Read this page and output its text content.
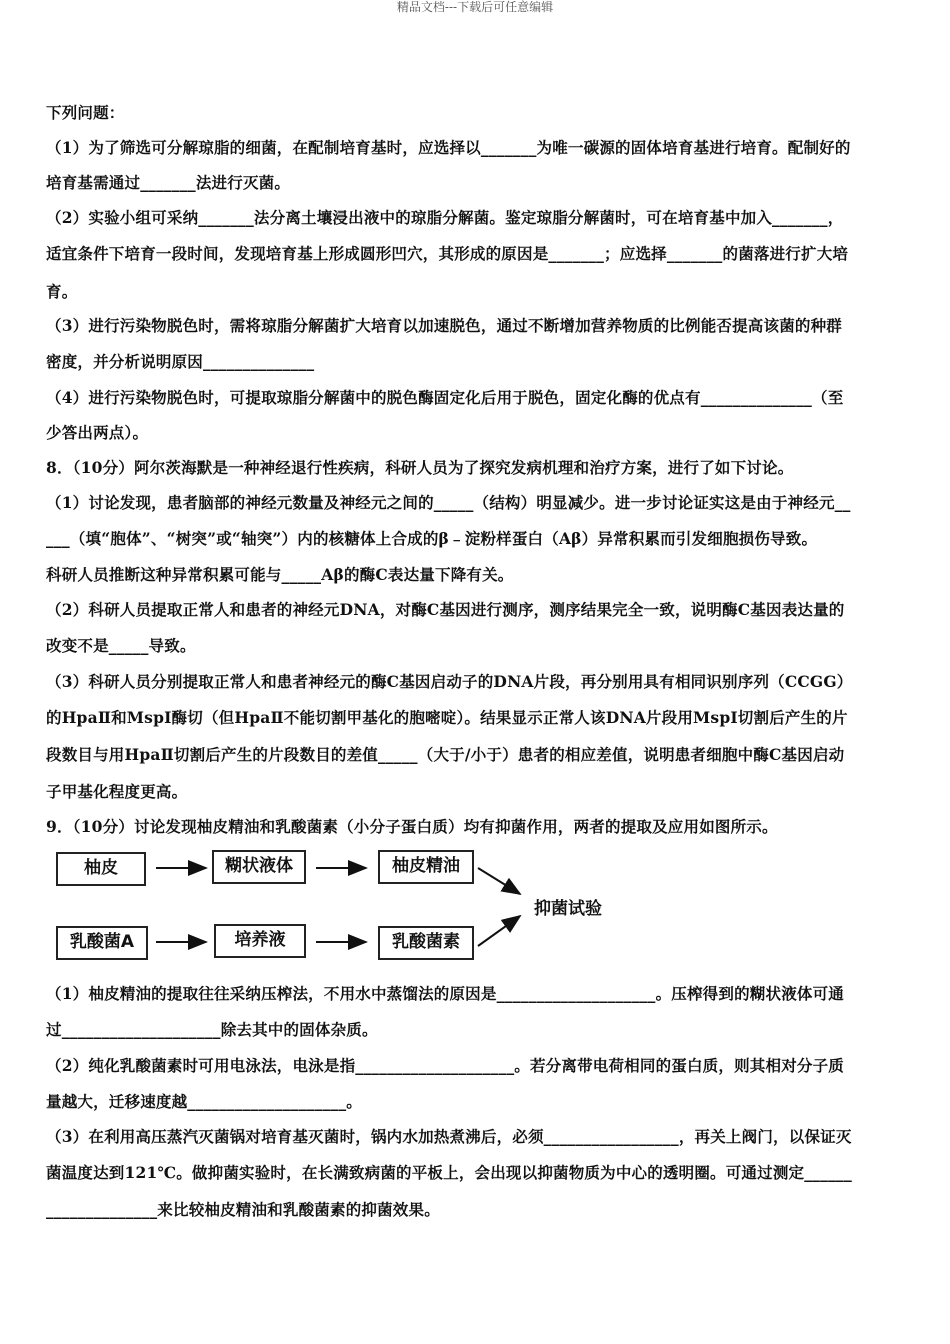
精品文档---下载后可任意编辑
下列问题：
（1）为了筛选可分解琼脂的细菌，在配制培育基时，应选择以_______为唯一碳源的固体培育基进行培育。配制好的
培育基需通过_______法进行灭菌。
（2）实验小组可采纳_______法分离土壤浸出液中的琼脂分解菌。鉴定琼脂分解菌时，可在培育基中加入_______，
适宜条件下培育一段时间，发现培育基上形成圆形凹穴，其形成的原因是_______；应选择_______的菌落进行扩大培
育。
（3）进行污染物脱色时，需将琼脂分解菌扩大培育以加速脱色，通过不断增加营养物质的比例能否提高该菌的种群
密度，并分析说明原因______________
（4）进行污染物脱色时，可提取琼脂分解菌中的脱色酶固定化后用于脱色，固定化酶的优点有______________（至
少答出两点）。
8．（10分）阿尔茨海默是一种神经退行性疾病，科研人员为了探究发病机理和治疗方案，进行了如下讨论。
（1）讨论发现，患者脑部的神经元数量及神经元之间的_____（结构）明显减少。进一步讨论证实这是由于神经元__
___（填“胞体”、“树突”或“轴突”）内的核糖体上合成的β﹣淀粉样蛋白（Aβ）异常积累而引发细胞损伤导致。
科研人员推断这种异常积累可能与_____Aβ的酶C表达量下降有关。
（2）科研人员提取正常人和患者的神经元DNA，对酶C基因进行测序，测序结果完全一致，说明酶C基因表达量的
改变不是_____导致。
（3）科研人员分别提取正常人和患者神经元的酶C基因启动子的DNA片段，再分别用具有相同识别序列（CCGG）
的HpaⅡ和MspI酶切（但HpaⅡ不能切割甲基化的胞嘧啶）。结果显示正常人该DNA片段用MspI切割后产生的片
段数目与用HpaⅡ切割后产生的片段数目的差值_____（大于/小于）患者的相应差值，说明患者细胞中酶C基因启动
子甲基化程度更高。
9．（10分）讨论发现柚皮精油和乳酸菌素（小分子蛋白质）均有抑菌作用，两者的提取及应用如图所示。
柚皮	糊状液体	柚皮精油
乳酸菌A	培养液	乳酸菌素
抑菌试验
（1）柚皮精油的提取往往采纳压榨法，不用水中蒸馏法的原因是____________________。压榨得到的糊状液体可通
过____________________除去其中的固体杂质。
（2）纯化乳酸菌素时可用电泳法，电泳是指____________________。若分离带电荷相同的蛋白质，则其相对分子质
量越大，迁移速度越____________________。
（3）在利用高压蒸汽灭菌锅对培育基灭菌时，锅内水加热煮沸后，必须_________________，再关上阀门，以保证灭
菌温度达到121℃。做抑菌实验时，在长满致病菌的平板上，会出现以抑菌物质为中心的透明圈。可通过测定______
______________来比较柚皮精油和乳酸菌素的抑菌效果。
